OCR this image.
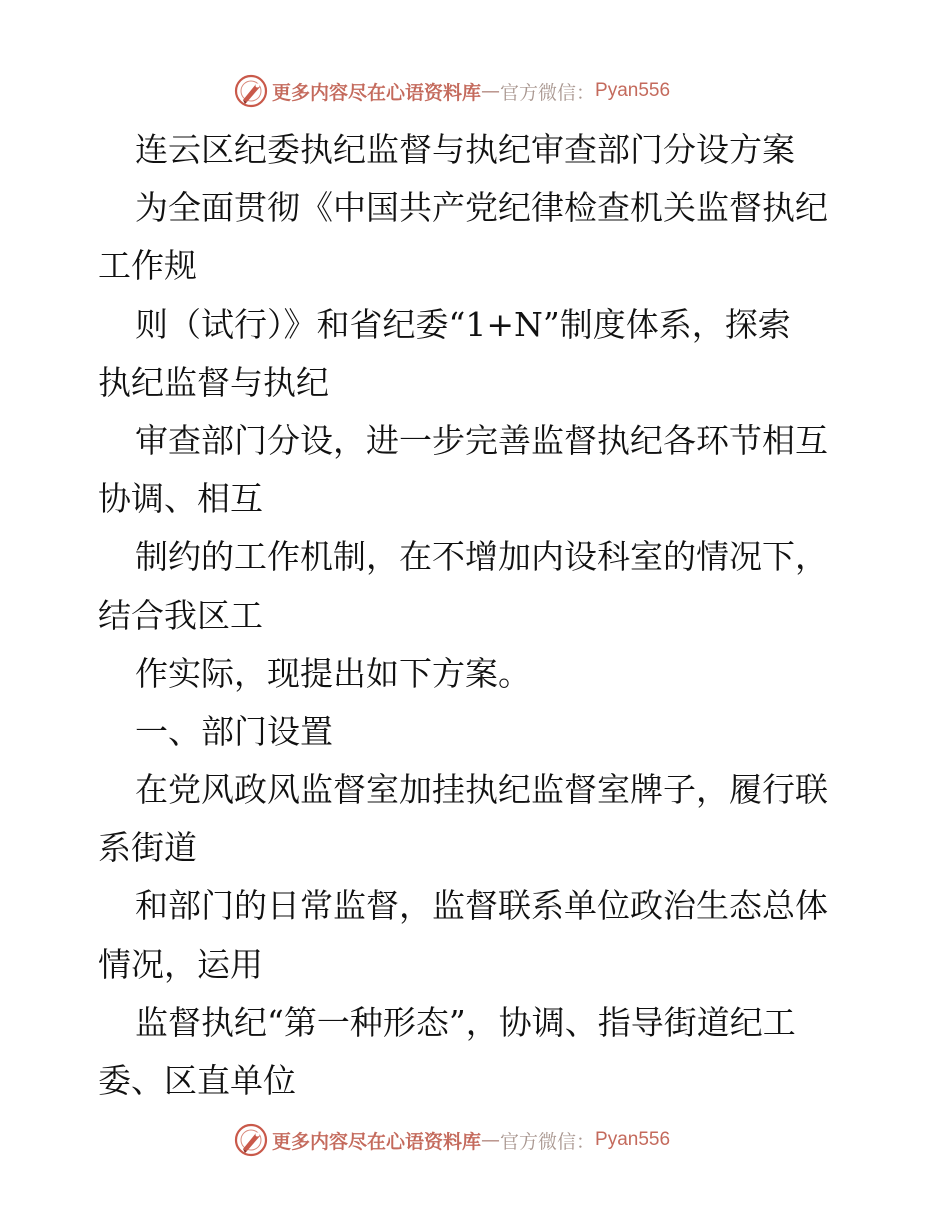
更多内容尽在心语资料库 — 官方微信： Pyan556
连云区纪委执纪监督与执纪审查部门分设方案
为全面贯彻《中国共产党纪律检查机关监督执纪
工作规
则（试行）》和省纪委“1+N”制度体系，探索
执纪监督与执纪
审查部门分设，进一步完善监督执纪各环节相互
协调、相互
制约的工作机制，在不增加内设科室的情况下，
结合我区工
作实际，现提出如下方案。
一、部门设置
在党风政风监督室加挂执纪监督室牌子，履行联
系街道
和部门的日常监督，监督联系单位政治生态总体
情况，运用
监督执纪“第一种形态”，协调、指导街道纪工
委、区直单位
更多内容尽在心语资料库 — 官方微信： Pyan556
